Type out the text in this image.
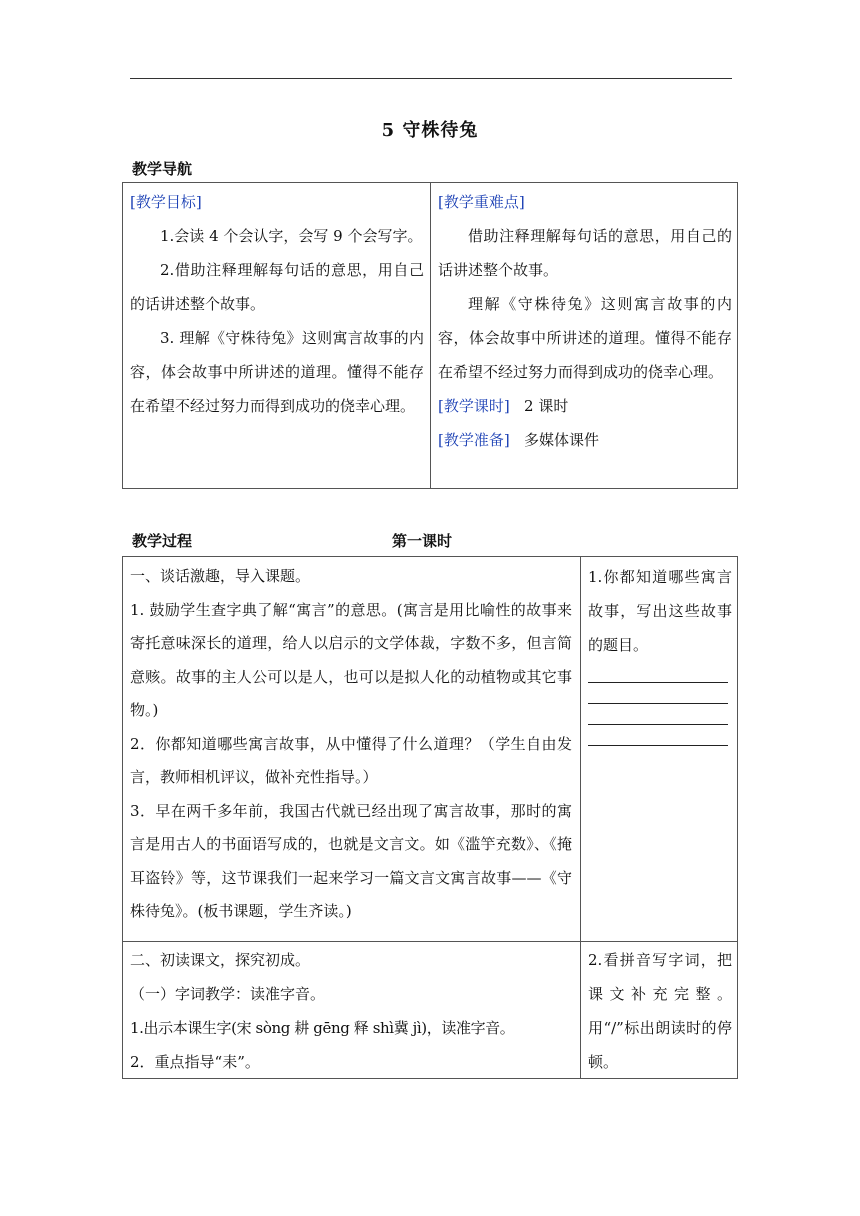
5 守株待兔
教学导航

[教学目标]

1.会读 4 个会认字，会写 9 个会写字。

2.借助注释理解每句话的意思，用自己的话讲述整个故事。

3. 理解《守株待兔》这则寓言故事的内容，体会故事中所讲述的道理。懂得不能存在希望不经过努力而得到成功的侥幸心理。

[教学重难点]

借助注释理解每句话的意思，用自己的话讲述整个故事。

理解《守株待兔》这则寓言故事的内容，体会故事中所讲述的道理。懂得不能存在希望不经过努力而得到成功的侥幸心理。

[教学课时] 2 课时

[教学准备] 多媒体课件

教学过程	第一课时

一、谈话激趣，导入课题。

1. 鼓励学生查字典了解“寓言”的意思。(寓言是用比喻性的故事来寄托意味深长的道理，给人以启示的文学体裁，字数不多，但言简意赅。故事的主人公可以是人，也可以是拟人化的动植物或其它事物。)

2．你都知道哪些寓言故事，从中懂得了什么道理？（学生自由发言，教师相机评议，做补充性指导。）

3．早在两千多年前，我国古代就已经出现了寓言故事，那时的寓言是用古人的书面语写成的，也就是文言文。如《滥竽充数》、《掩耳盗铃》等，这节课我们一起来学习一篇文言文寓言故事——《守株待兔》。(板书课题，学生齐读。)

1.你都知道哪些寓言故事，写出这些故事的题目。

二、初读课文，探究初成。

（一）字词教学：读准字音。

1.出示本课生字(宋 sòng 耕 gēng 释 shì冀 jì)，读准字音。

2．重点指导“耒”。

2.看拼音写字词，把课文补充完整。用“/”标出朗读时的停顿。
